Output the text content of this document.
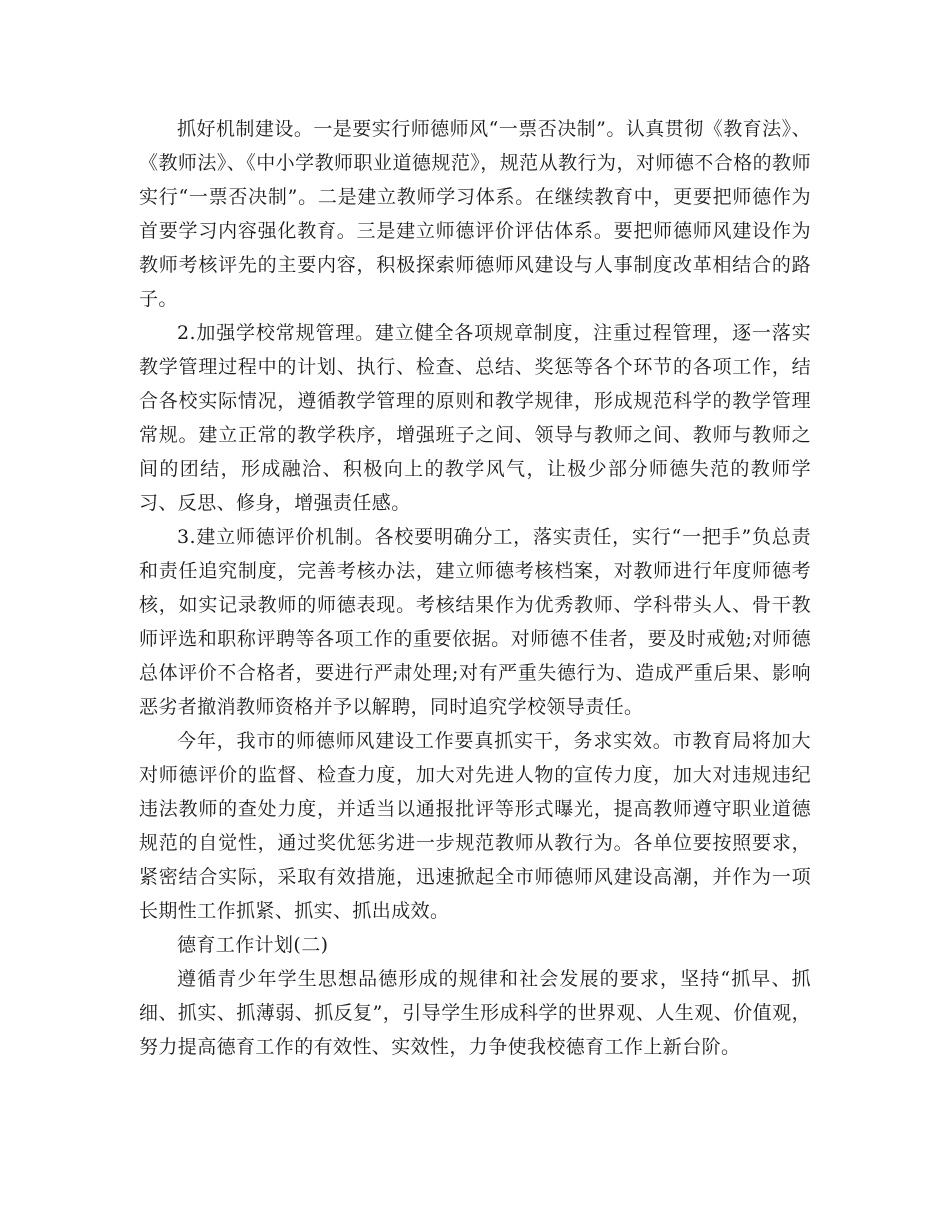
抓好机制建设。一是要实行师德师风“一票否决制”。认真贯彻《教育法》、《教师法》、《中小学教师职业道德规范》，规范从教行为，对师德不合格的教师实行“一票否决制”。二是建立教师学习体系。在继续教育中，更要把师德作为首要学习内容强化教育。三是建立师德评价评估体系。要把师德师风建设作为教师考核评先的主要内容，积极探索师德师风建设与人事制度改革相结合的路子。

2.加强学校常规管理。建立健全各项规章制度，注重过程管理，逐一落实教学管理过程中的计划、执行、检查、总结、奖惩等各个环节的各项工作，结合各校实际情况，遵循教学管理的原则和教学规律，形成规范科学的教学管理常规。建立正常的教学秩序，增强班子之间、领导与教师之间、教师与教师之间的团结，形成融洽、积极向上的教学风气，让极少部分师德失范的教师学习、反思、修身，增强责任感。

3.建立师德评价机制。各校要明确分工，落实责任，实行“一把手”负总责和责任追究制度，完善考核办法，建立师德考核档案，对教师进行年度师德考核，如实记录教师的师德表现。考核结果作为优秀教师、学科带头人、骨干教师评选和职称评聘等各项工作的重要依据。对师德不佳者，要及时戒勉;对师德总体评价不合格者，要进行严肃处理;对有严重失德行为、造成严重后果、影响恶劣者撤消教师资格并予以解聘，同时追究学校领导责任。

今年，我市的师德师风建设工作要真抓实干，务求实效。市教育局将加大对师德评价的监督、检查力度，加大对先进人物的宣传力度，加大对违规违纪违法教师的查处力度，并适当以通报批评等形式曝光，提高教师遵守职业道德规范的自觉性，通过奖优惩劣进一步规范教师从教行为。各单位要按照要求，紧密结合实际，采取有效措施，迅速掀起全市师德师风建设高潮，并作为一项长期性工作抓紧、抓实、抓出成效。

德育工作计划(二)

遵循青少年学生思想品德形成的规律和社会发展的要求，坚持“抓早、抓细、抓实、抓薄弱、抓反复”，引导学生形成科学的世界观、人生观、价值观，努力提高德育工作的有效性、实效性，力争使我校德育工作上新台阶。
